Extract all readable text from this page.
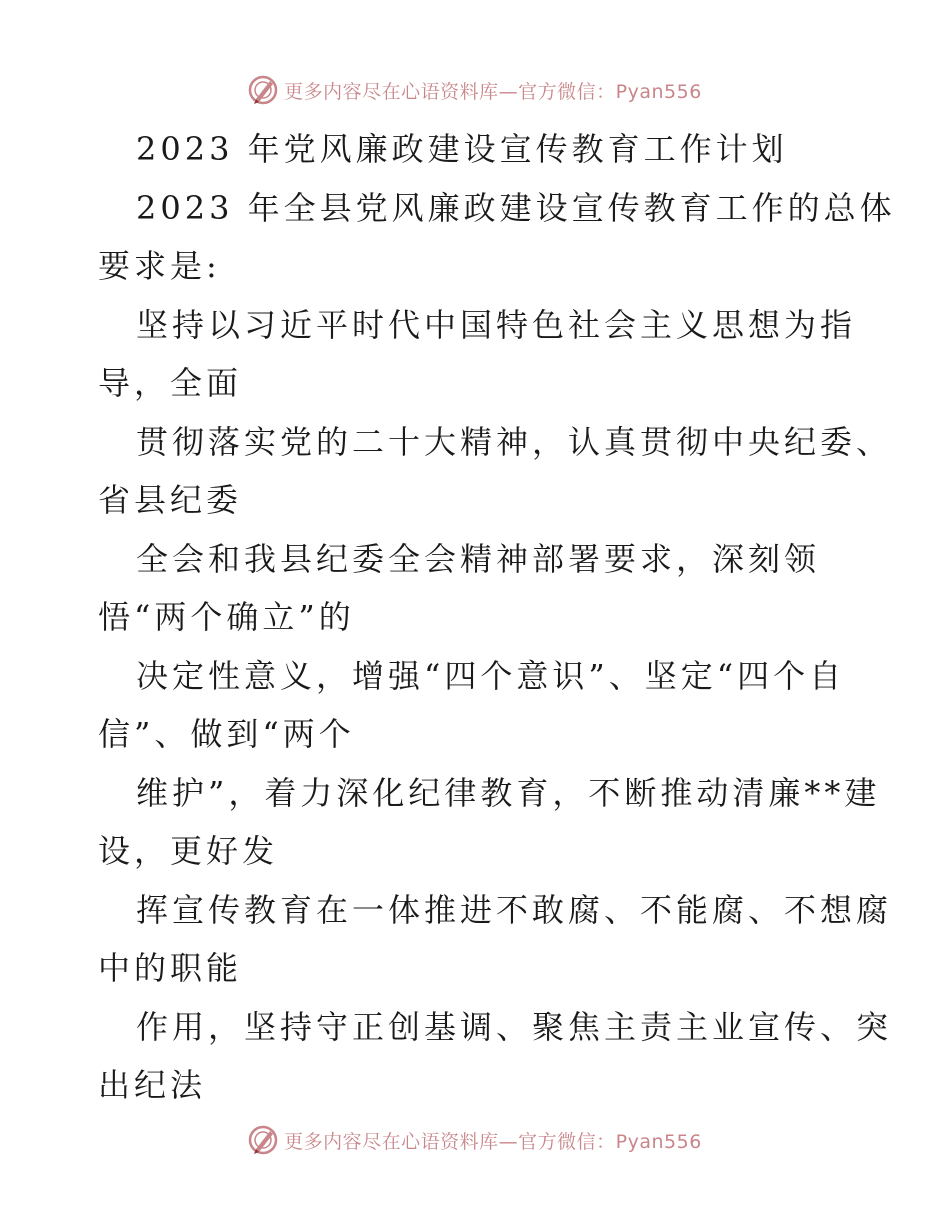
更多内容尽在心语资料库—官方微信：Pyan556
2023 年党风廉政建设宣传教育工作计划
2023 年全县党风廉政建设宣传教育工作的总体
要求是:
坚持以习近平时代中国特色社会主义思想为指
导，全面
贯彻落实党的二十大精神，认真贯彻中央纪委、
省县纪委
全会和我县纪委全会精神部署要求，深刻领
悟“两个确立”的
决定性意义，增强“四个意识”、坚定“四个自
信”、做到“两个
维护”，着力深化纪律教育，不断推动清廉**建
设，更好发
挥宣传教育在一体推进不敢腐、不能腐、不想腐
中的职能
作用，坚持守正创基调、聚焦主责主业宣传、突
出纪法
更多内容尽在心语资料库—官方微信：Pyan556
